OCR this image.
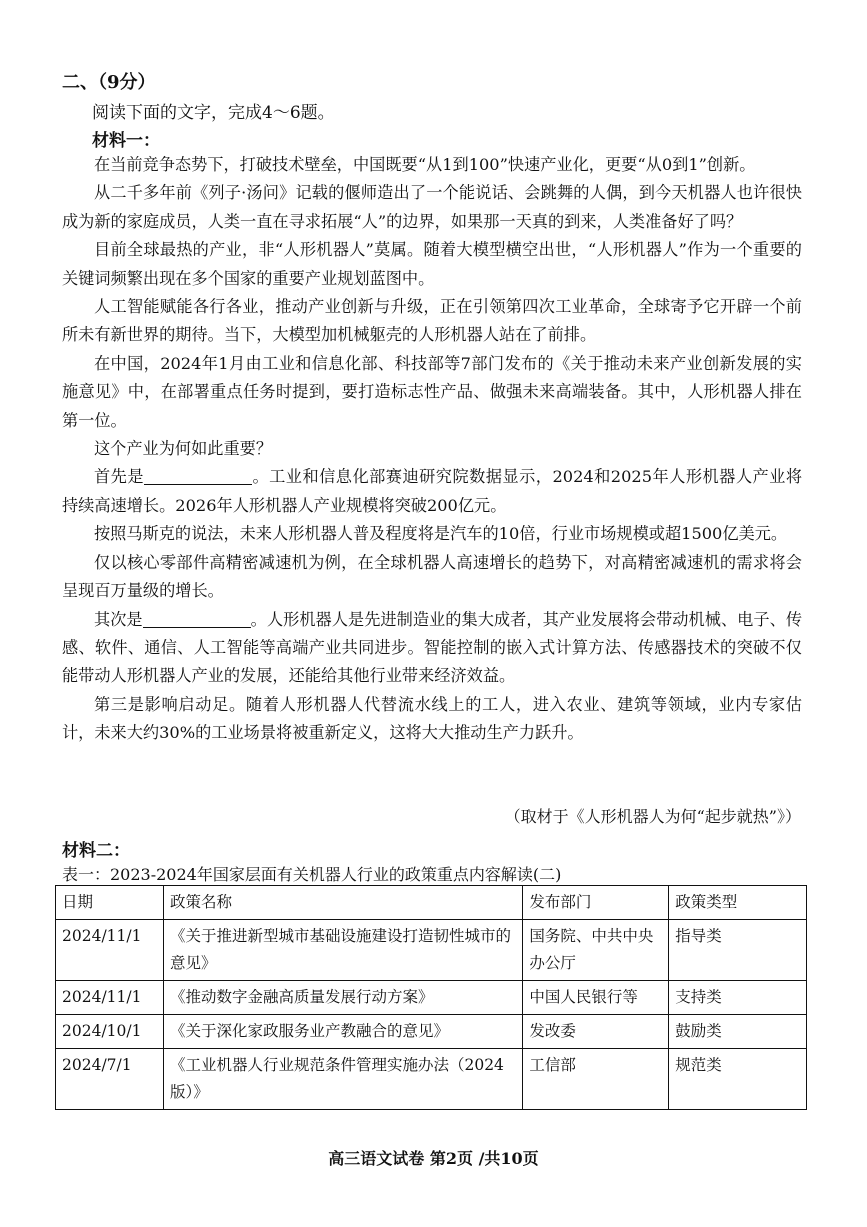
二、（9分）
阅读下面的文字，完成4～6题。
材料一：

在当前竞争态势下，打破技术壁垒，中国既要“从1到100”快速产业化，更要“从0到1”创新。

从二千多年前《列子·汤问》记载的偃师造出了一个能说话、会跳舞的人偶，到今天机器人也许很快成为新的家庭成员，人类一直在寻求拓展“人”的边界，如果那一天真的到来，人类准备好了吗？

目前全球最热的产业，非“人形机器人”莫属。随着大模型横空出世，“人形机器人”作为一个重要的关键词频繁出现在多个国家的重要产业规划蓝图中。

人工智能赋能各行各业，推动产业创新与升级，正在引领第四次工业革命，全球寄予它开辟一个前所未有新世界的期待。当下，大模型加机械躯壳的人形机器人站在了前排。

在中国，2024年1月由工业和信息化部、科技部等7部门发布的《关于推动未来产业创新发展的实施意见》中，在部署重点任务时提到，要打造标志性产品、做强未来高端装备。其中，人形机器人排在第一位。

这个产业为何如此重要？

首先是	。工业和信息化部赛迪研究院数据显示，2024和2025年人形机器人产业将持续高速增长。2026年人形机器人产业规模将突破200亿元。

按照马斯克的说法，未来人形机器人普及程度将是汽车的10倍，行业市场规模或超1500亿美元。

仅以核心零部件高精密减速机为例，在全球机器人高速增长的趋势下，对高精密减速机的需求将会呈现百万量级的增长。

其次是	。人形机器人是先进制造业的集大成者，其产业发展将会带动机械、电子、传感、软件、通信、人工智能等高端产业共同进步。智能控制的嵌入式计算方法、传感器技术的突破不仅能带动人形机器人产业的发展，还能给其他行业带来经济效益。

第三是影响启动足。随着人形机器人代替流水线上的工人，进入农业、建筑等领域，业内专家估计，未来大约30%的工业场景将被重新定义，这将大大推动生产力跃升。

（取材于《人形机器人为何“起步就热”》）
材料二：
表一：2023-2024年国家层面有关机器人行业的政策重点内容解读(二)
日期	政策名称	发布部门	政策类型
2024/11/1	《关于推进新型城市基础设施建设打造韧性城市的意见》	国务院、中共中央办公厅	指导类
2024/11/1	《推动数字金融高质量发展行动方案》	中国人民银行等	支持类
2024/10/1	《关于深化家政服务业产教融合的意见》	发改委	鼓励类
2024/7/1	《工业机器人行业规范条件管理实施办法（2024版）》	工信部	规范类
高三语文试卷 第2页 /共10页
